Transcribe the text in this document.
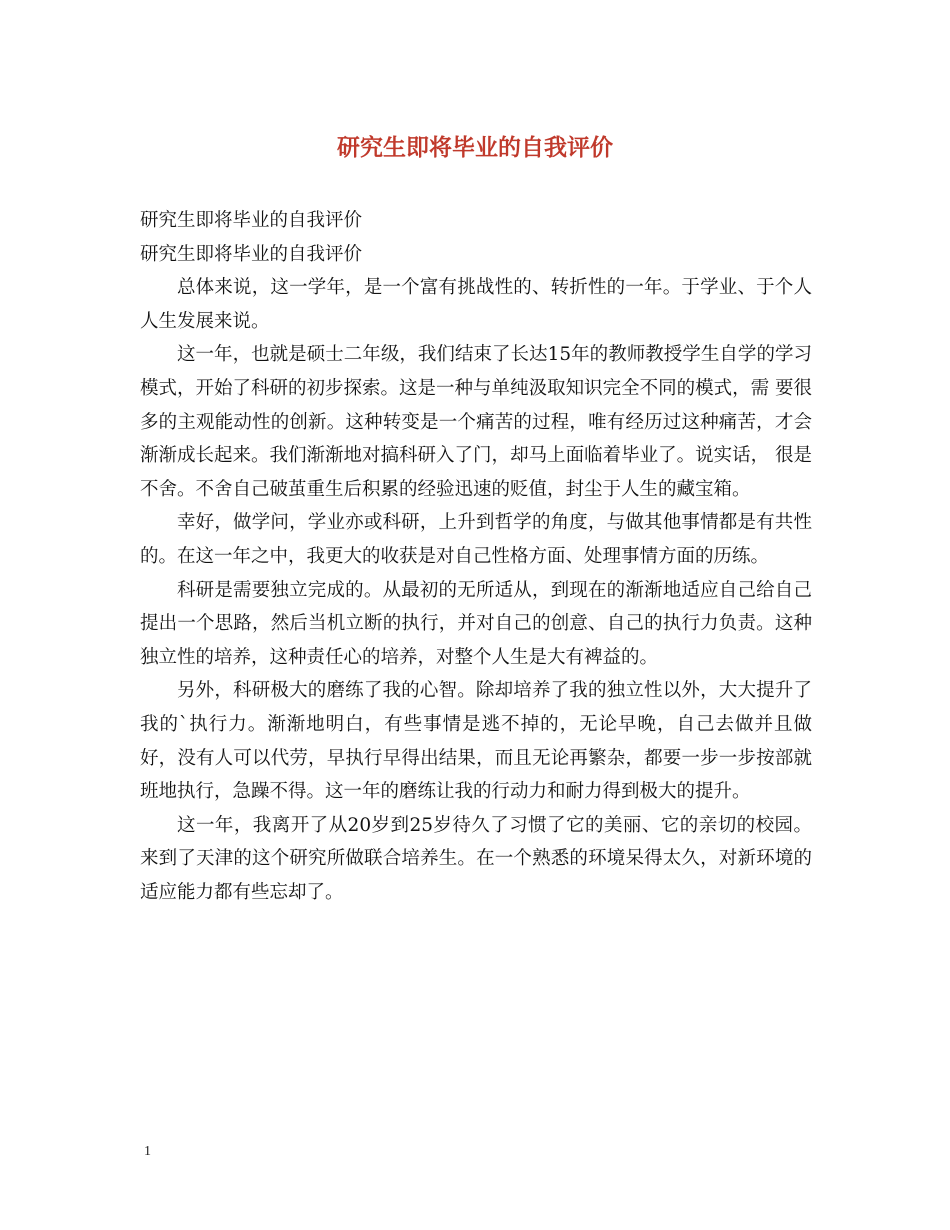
研究生即将毕业的自我评价

研究生即将毕业的自我评价

研究生即将毕业的自我评价

总体来说，这一学年，是一个富有挑战性的、转折性的一年。于学业、于个人人生发展来说。

这一年，也就是硕士二年级，我们结束了长达15年的教师教授学生自学的学习模式，开始了科研的初步探索。这是一种与单纯汲取知识完全不同的模式，需 要很多的主观能动性的创新。这种转变是一个痛苦的过程，唯有经历过这种痛苦，才会渐渐成长起来。我们渐渐地对搞科研入了门，却马上面临着毕业了。说实话， 很是不舍。不舍自己破茧重生后积累的经验迅速的贬值，封尘于人生的藏宝箱。

幸好，做学问，学业亦或科研，上升到哲学的角度，与做其他事情都是有共性的。在这一年之中，我更大的收获是对自己性格方面、处理事情方面的历练。

科研是需要独立完成的。从最初的无所适从，到现在的渐渐地适应自己给自己提出一个思路，然后当机立断的执行，并对自己的创意、自己的执行力负责。这种独立性的培养，这种责任心的培养，对整个人生是大有裨益的。

另外，科研极大的磨练了我的心智。除却培养了我的独立性以外，大大提升了我的`执行力。渐渐地明白，有些事情是逃不掉的，无论早晚，自己去做并且做 好，没有人可以代劳，早执行早得出结果，而且无论再繁杂，都要一步一步按部就班地执行，急躁不得。这一年的磨练让我的行动力和耐力得到极大的提升。

这一年，我离开了从20岁到25岁待久了习惯了它的美丽、它的亲切的校园。来到了天津的这个研究所做联合培养生。在一个熟悉的环境呆得太久，对新环境的适应能力都有些忘却了。

1
